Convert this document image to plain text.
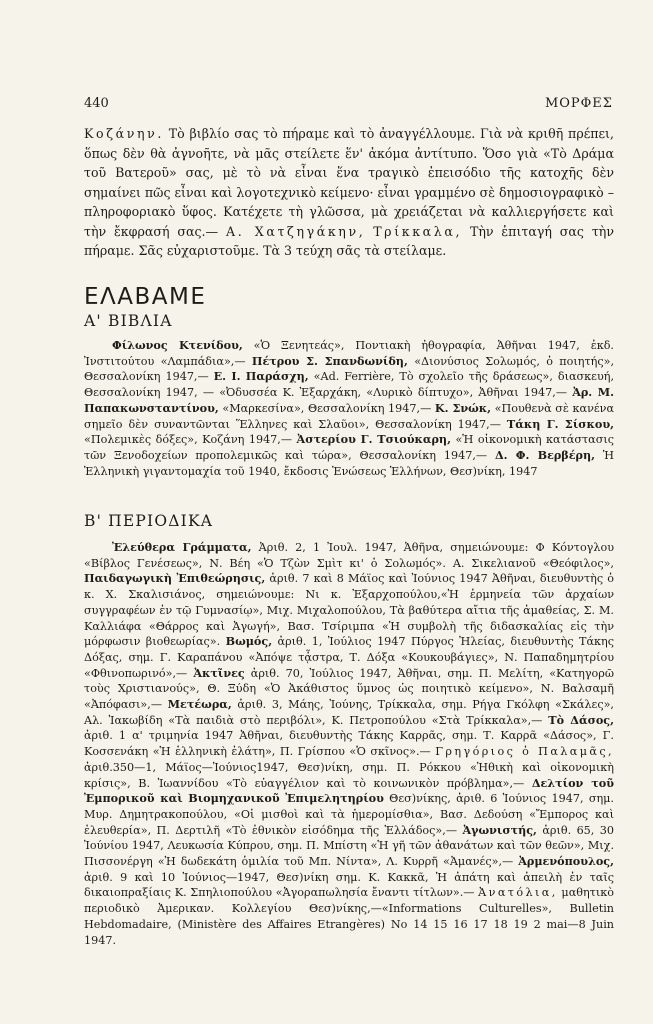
440	ΜΟΡΦΕΣ
Κοζάνην. Τὸ βιβλίο σας τὸ πήραμε καὶ τὸ ἀναγγέλλουμε. Γιὰ νὰ κριθῆ πρέπει, ὅπως δὲν θὰ ἀγνοῆτε, νὰ μᾶς στείλετε ἕν' ἀκόμα ἀντίτυπο. Ὅσο γιὰ «Τὸ Δράμα τοῦ Βατεροῦ» σας, μὲ τὸ νὰ εἶναι ἕνα τραγικὸ ἐπεισόδιο τῆς κατοχῆς δὲν σημαίνει πῶς εἶναι καὶ λογοτεχνικὸ κείμενο· εἶναι γραμμένο σὲ δημοσιογραφικὸ – πληροφοριακὸ ὕφος. Κατέχετε τὴ γλῶσσα, μὰ χρειάζεται νὰ καλλιεργήσετε καὶ τὴν ἔκφρασή σας.— Α. Χατζηγάκην, Τρίκκαλα, Τὴν ἐπιταγή σας τὴν πήραμε. Σᾶς εὐχαριστοῦμε. Τὰ 3 τεύχη σᾶς τὰ στείλαμε.
ΕΛΑΒΑΜΕ
Α' ΒΙΒΛΙΑ

Φίλωνος Κτενίδου, «Ὁ Ξενητεάς», Ποντιακὴ ἠθογραφία, Ἀθῆναι 1947, ἐκδ. Ἰνστιτούτου «Λαμπάδια»,— Πέτρου Σ. Σπανδωνίδη, «Διονύσιος Σολωμός, ὁ ποιητής», Θεσσαλονίκη 1947,— Ε. Ι. Παράσχη, «Ad. Ferrière, Τὸ σχολεῖο τῆς δράσεως», διασκευή, Θεσσαλονίκη 1947, — «Ὀδυσσέα Κ. Ἐξαρχάκη, «Λυρικὸ δίπτυχο», Ἀθῆναι 1947,— Ἀρ. Μ. Παπακωνσταντίνου, «Μαρκεσίνα», Θεσσαλονίκη 1947,— Κ. Σνώκ, «Πουθενὰ σὲ κανένα σημεῖο δὲν συναντῶνται Ἕλληνες καὶ Σλαῦοι», Θεσσαλονίκη 1947,— Τάκη Γ. Σίσκου, «Πολεμικὲς δόξες», Κοζάνη 1947,— Ἀστερίου Γ. Τσιούκαρη, «Ἡ οἰκονομικὴ κατάστασις τῶν Ξενοδοχείων προπολεμικῶς καὶ τώρα», Θεσσαλονίκη 1947,— Δ. Φ. Βερβέρη, Ἡ Ἑλληνικὴ γιγαντομαχία τοῦ 1940, ἔκδοσις Ἐνώσεως Ἑλλήνων, Θεσ)νίκη, 1947

Β' ΠΕΡΙΟΔΙΚΑ

Ἐλεύθερα Γράμματα, Ἀριθ. 2, 1 Ἰουλ. 1947, Ἀθῆνα, σημειώνουμε: Φ Κόντογλου «Βίβλος Γενέσεως», Ν. Βέη «Ὁ Τζὼν Σμὶτ κι' ὁ Σολωμός». Α. Σικελιανοῦ «Θεόφιλος», Παιδαγωγικὴ Ἐπιθεώρησις, ἀριθ. 7 καὶ 8 Μάϊος καὶ Ἰούνιος 1947 Ἀθῆναι, διευθυντὴς ὁ κ. Χ. Σκαλισιάνος, σημειώνουμε: Νι κ. Ἐξαρχοπούλου,«Ἡ ἑρμηνεία τῶν ἀρχαίων συγγραφέων ἐν τῷ Γυμνασίῳ», Μιχ. Μιχαλοπούλου, Τὰ βαθύτερα αἴτια τῆς ἀμαθείας, Σ. Μ. Καλλιάφα «Θάρρος καὶ Ἀγωγή», Βασ. Τσίριμπα «Ἡ συμβολὴ τῆς διδασκαλίας εἰς τὴν μόρφωσιν βιοθεωρίας». Βωμός, ἀριθ. 1, Ἰούλιος 1947 Πύργος Ἠλείας, διευθυντὴς Τάκης Δόξας, σημ. Γ. Καραπάνου «Ἀπόψε τᾆστρα, Τ. Δόξα «Κουκουβάγιες», Ν. Παπαδημητρίου «Φθινοπωρινό»,— Ἀκτῖνες ἀριθ. 70, Ἰούλιος 1947, Ἀθῆναι, σημ. Π. Μελίτη, «Κατηγορῶ τοὺς Χριστιανούς», Θ. Ξύδη «Ὁ Ἀκάθιστος ὕμνος ὡς ποιητικὸ κείμενο», Ν. Βαλσαμῆ «Ἀπόφασι»,— Μετέωρα, ἀριθ. 3, Μάης, Ἰούνης, Τρίκκαλα, σημ. Ρήγα Γκόλφη «Σκάλες», Αλ. Ἰακωβίδη «Τὰ παιδιὰ στὸ περιβόλι», Κ. Πετροπούλου «Στὰ Τρίκκαλα»,— Τὸ Δάσος, ἀριθ. 1 α' τριμηνία 1947 Ἀθῆναι, διευθυντὴς Τάκης Καρρᾶς, σημ. Τ. Καρρᾶ «Δάσος», Γ. Κοσσενάκη «Ἡ ἑλληνικὴ ἐλάτη», Π. Γρίσπου «Ὁ σκῖνος».— Γρηγόριος ὁ Παλαμᾶς, ἀριθ.350—1, Μάϊος—Ἰούνιος1947, Θεσ)νίκη, σημ. Π. Ρόκκου «Ἠθικὴ καὶ οἰκονομικὴ κρίσις», Β. Ἰωαννίδου «Τὸ εὐαγγέλιον καὶ τὸ κοινωνικὸν πρόβλημα»,— Δελτίον τοῦ Ἐμπορικοῦ καὶ Βιομηχανικοῦ Ἐπιμελητηρίου Θεσ)νίκης, ἀριθ. 6 Ἰούνιος 1947, σημ. Μυρ. Δημητρακοπούλου, «Οἱ μισθοὶ καὶ τὰ ἡμερομίσθια», Βασ. Δεδούση «Ἔμπορος καὶ ἐλευθερία», Π. Δερτιλῆ «Τὸ ἐθνικὸν εἰσόδημα τῆς Ἑλλάδος»,— Ἀγωνιστής, ἀριθ. 65, 30 Ἰούνίου 1947, Λευκωσία Κύπρου, σημ. Π. Μπίστη «Ἡ γῆ τῶν ἀθανάτων καὶ τῶν θεῶν», Μιχ. Πισσονέργη «Ἡ δωδεκάτη ὁμιλία τοῦ Μπ. Νίντα», Λ. Κυρρῆ «Ἀμανές»,— Ἀρμενόπουλος, ἀριθ. 9 καὶ 10 Ἰούνιος—1947, Θεσ)νίκη σημ. Κ. Κακκᾶ, Ἡ ἀπάτη καὶ ἀπειλὴ ἐν ταῖς δικαιοπραξίαις Κ. Σπηλιοπούλου «Ἀγοραπωλησία ἔναντι τίτλων».— Ἀνατόλια, μαθητικὸ περιοδικὸ Ἀμερικαν. Κολλεγίου Θεσ)νίκης,—«Informations Culturelles», Bulletin Hebdomadaire, (Ministère des Affaires Etrangères) No 14 15 16 17 18 19 2 mai—8 Juin 1947.
